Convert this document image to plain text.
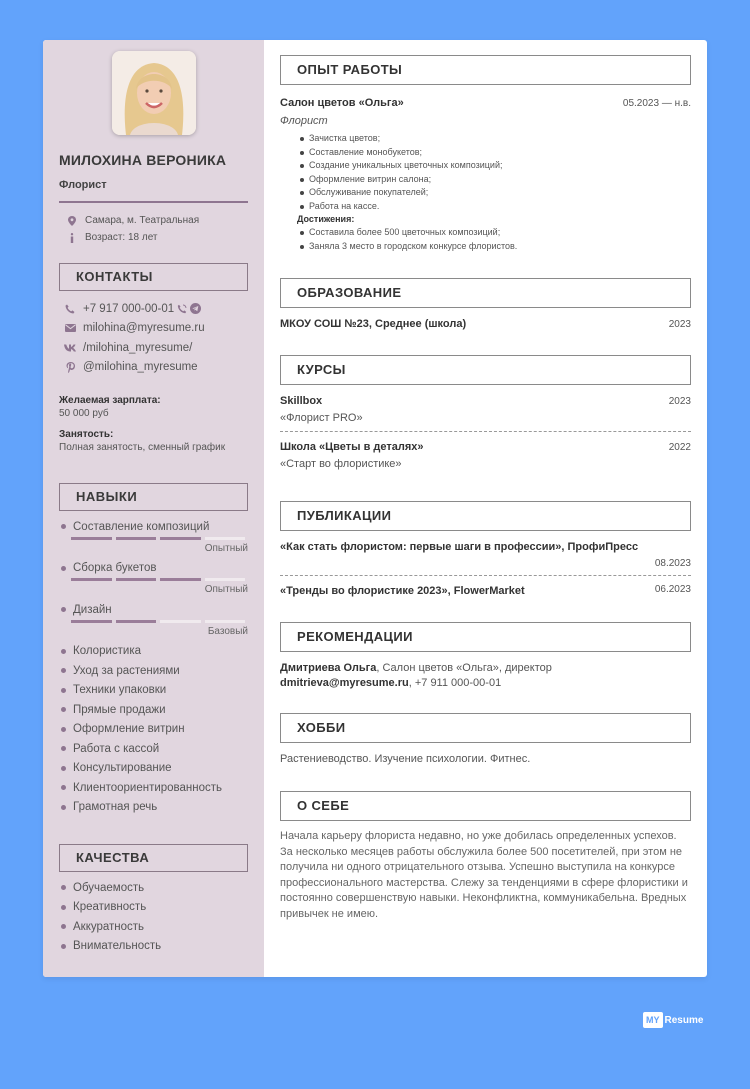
МИЛОХИНА ВЕРОНИКА
Флорист
Самара, м. Театральная
Возраст: 18 лет
КОНТАКТЫ
+7 917 000-00-01
milohina@myresume.ru
/milohina_myresume/
@milohina_myresume
Желаемая зарплата:
50 000 руб
Занятость:
Полная занятость, сменный график
НАВЫКИ
Составление композиций
Опытный
Сборка букетов
Опытный
Дизайн
Базовый
Колористика
Уход за растениями
Техники упаковки
Прямые продажи
Оформление витрин
Работа с кассой
Консультирование
Клиентоориентированность
Грамотная речь
КАЧЕСТВА
Обучаемость
Креативность
Аккуратность
Внимательность
ОПЫТ РАБОТЫ
Салон цветов «Ольга»	05.2023 — н.в.
Флорист
Зачистка цветов;
Составление монобукетов;
Создание уникальных цветочных композиций;
Оформление витрин салона;
Обслуживание покупателей;
Работа на кассе.
Достижения:
Составила более 500 цветочных композиций;
Заняла 3 место в городском конкурсе флористов.
ОБРАЗОВАНИЕ
МКОУ СОШ №23, Среднее (школа)	2023
КУРСЫ
Skillbox	2023
«Флорист PRO»
Школа «Цветы в деталях»	2022
«Старт во флористике»
ПУБЛИКАЦИИ
«Как стать флористом: первые шаги в профессии», ПрофиПресс
08.2023
«Тренды во флористике 2023», FlowerMarket	06.2023
РЕКОМЕНДАЦИИ
Дмитриева Ольга, Салон цветов «Ольга», директор
dmitrieva@myresume.ru, +7 911 000-00-01
ХОББИ
Растениеводство. Изучение психологии. Фитнес.
О СЕБЕ
Начала карьеру флориста недавно, но уже добилась определенных успехов. За несколько месяцев работы обслужила более 500 посетителей, при этом не получила ни одного отрицательного отзыва. Успешно выступила на конкурсе профессионального мастерства. Слежу за тенденциями в сфере флористики и постоянно совершенствую навыки. Неконфликтна, коммуникабельна. Вредных привычек не имею.
MY Resume
